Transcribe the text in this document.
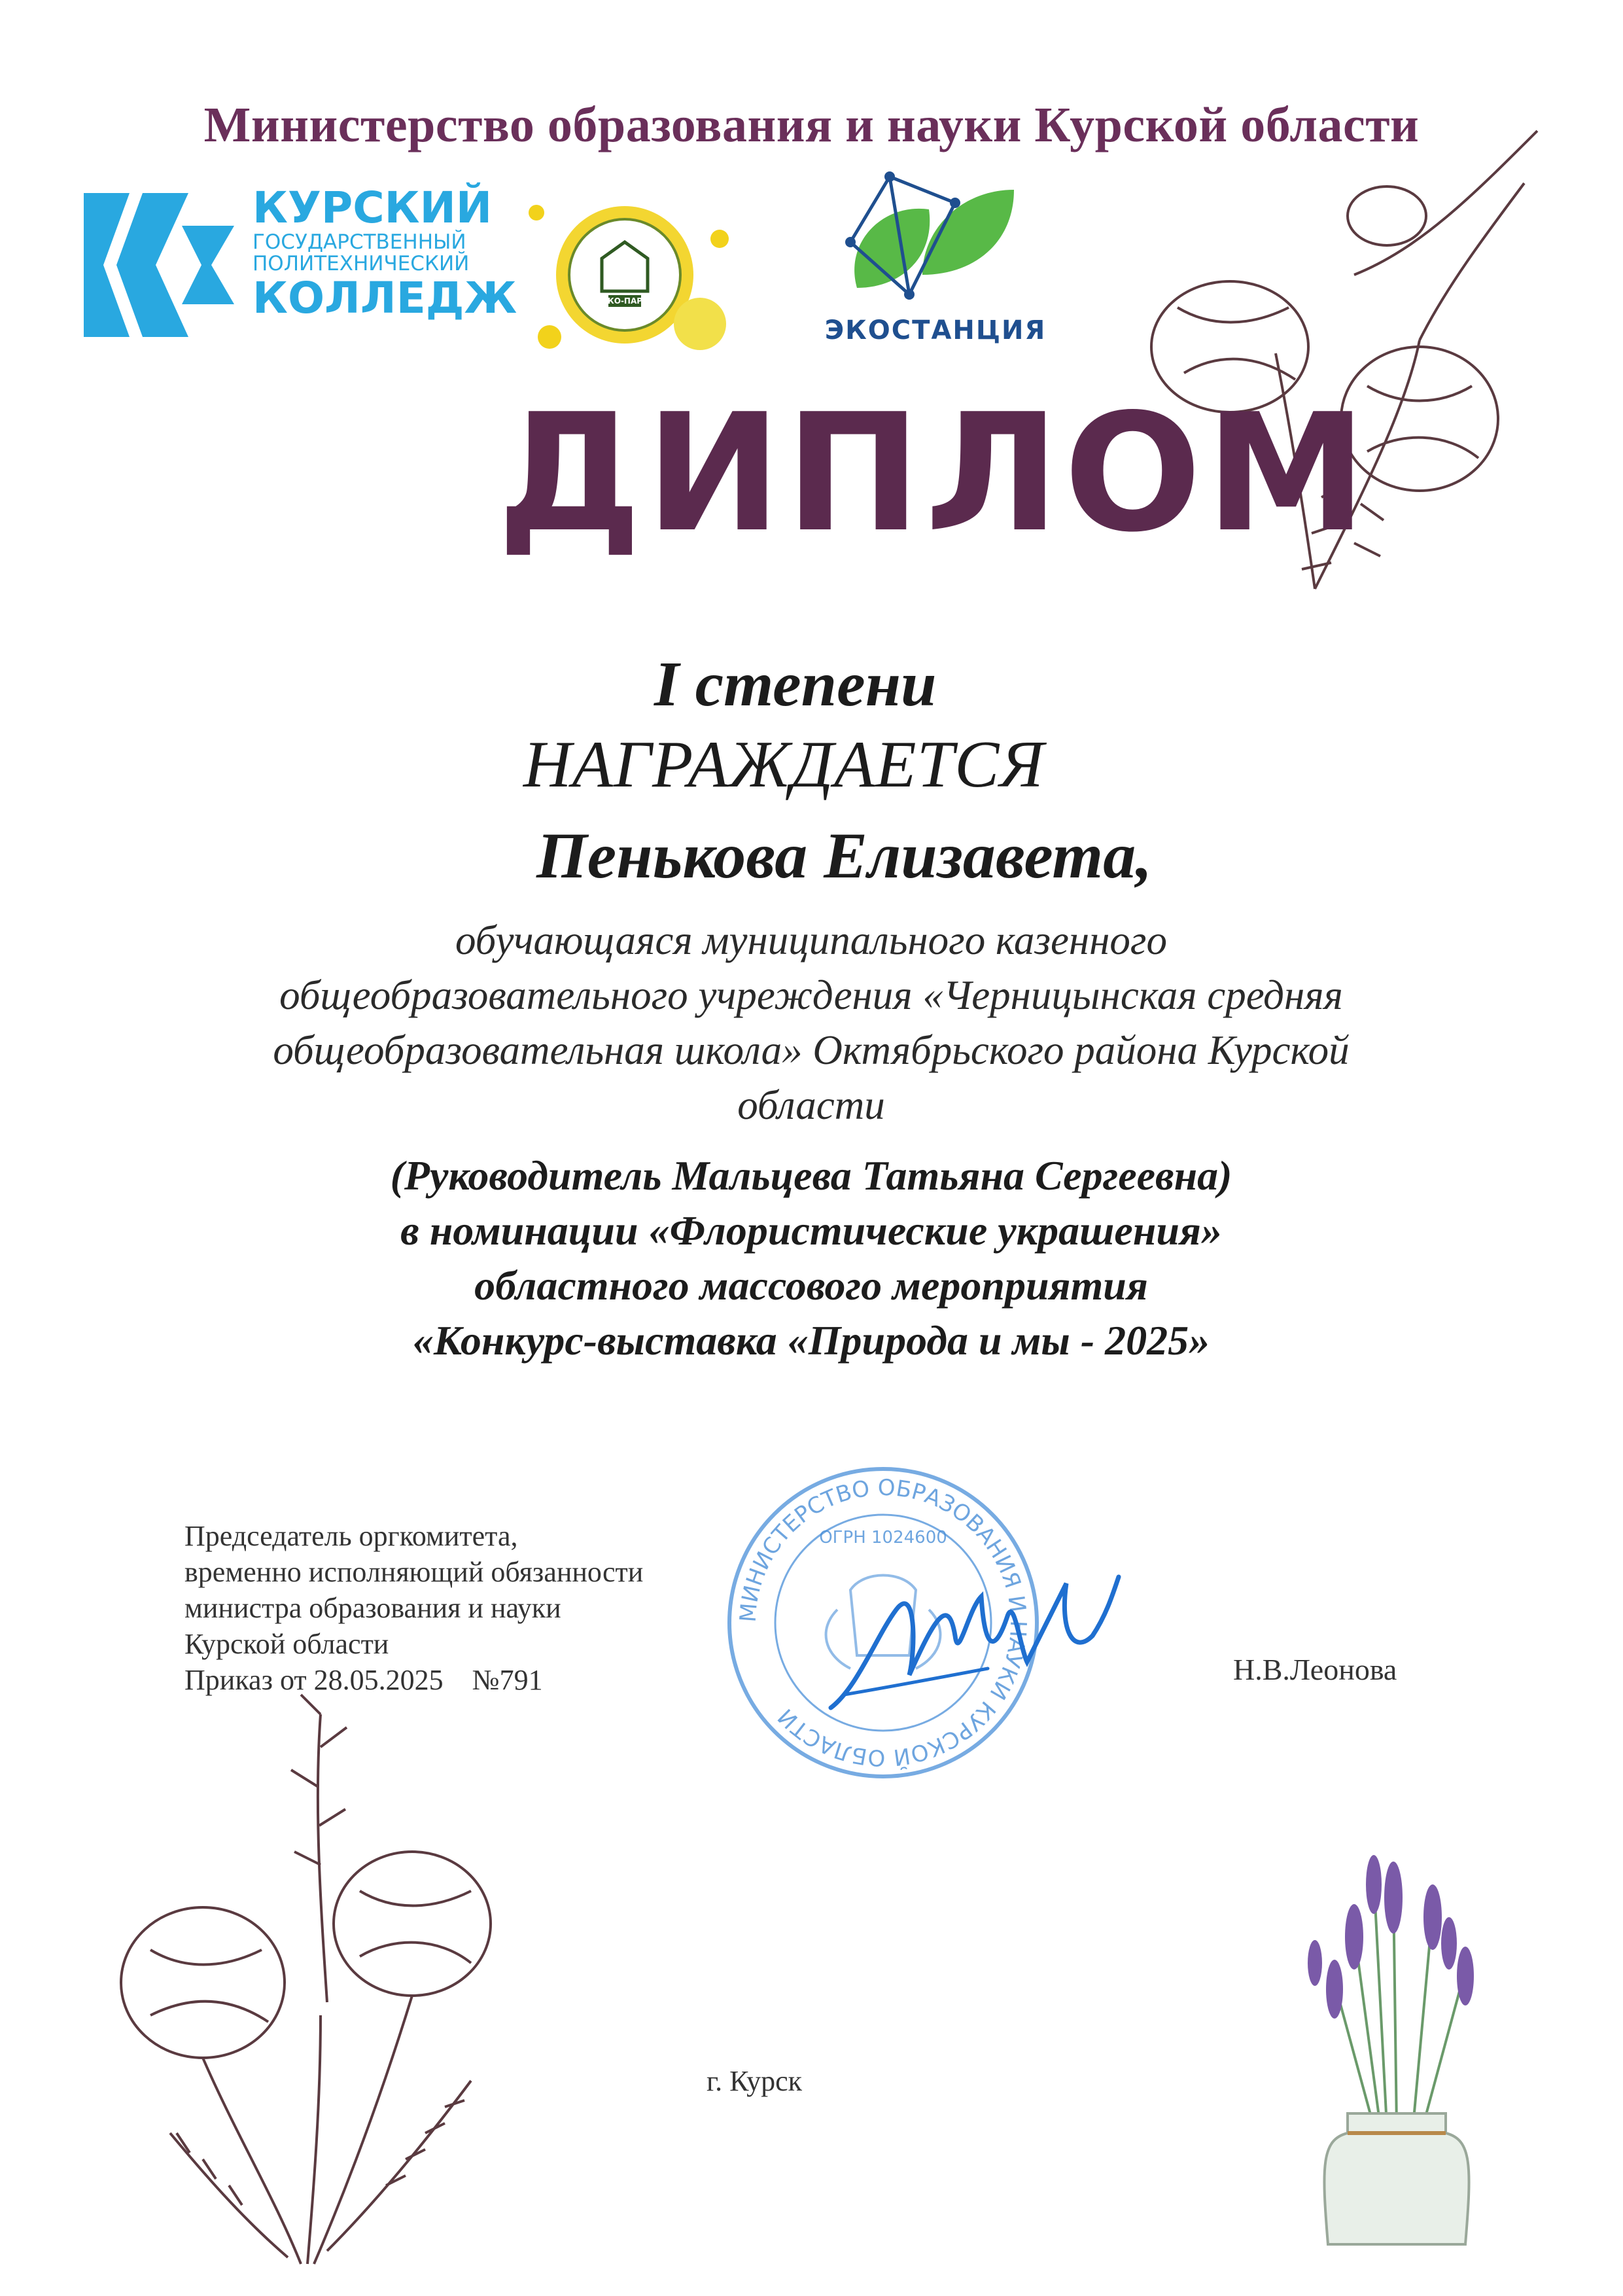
Министерство образования и науки Курской области
КУРСКИЙ
ГОСУДАРСТВЕННЫЙ
ПОЛИТЕХНИЧЕСКИЙ
КОЛЛЕДЖ	ЭКО-ПАРК
ЭКОСТАНЦИЯ
ДИПЛОМ
I степени
НАГРАЖДАЕТСЯ
Пенькова Елизавета,
обучающаяся муниципального казенного
общеобразовательного учреждения «Черницынская средняя
общеобразовательная школа» Октябрьского района Курской
области
(Руководитель Мальцева Татьяна Сергеевна)
в номинации «Флористические украшения»
областного массового мероприятия
«Конкурс-выставка «Природа и мы - 2025»
Председатель оргкомитета,
временно исполняющий обязанности
министра образования и науки
Курской области
Приказ от 28.05.2025    №791
МИНИСТЕРСТВО ОБРАЗОВАНИЯ И НАУКИ КУРСКОЙ ОБЛАСТИ
ОГРН 1024600
Н.В.Леонова
г. Курск
